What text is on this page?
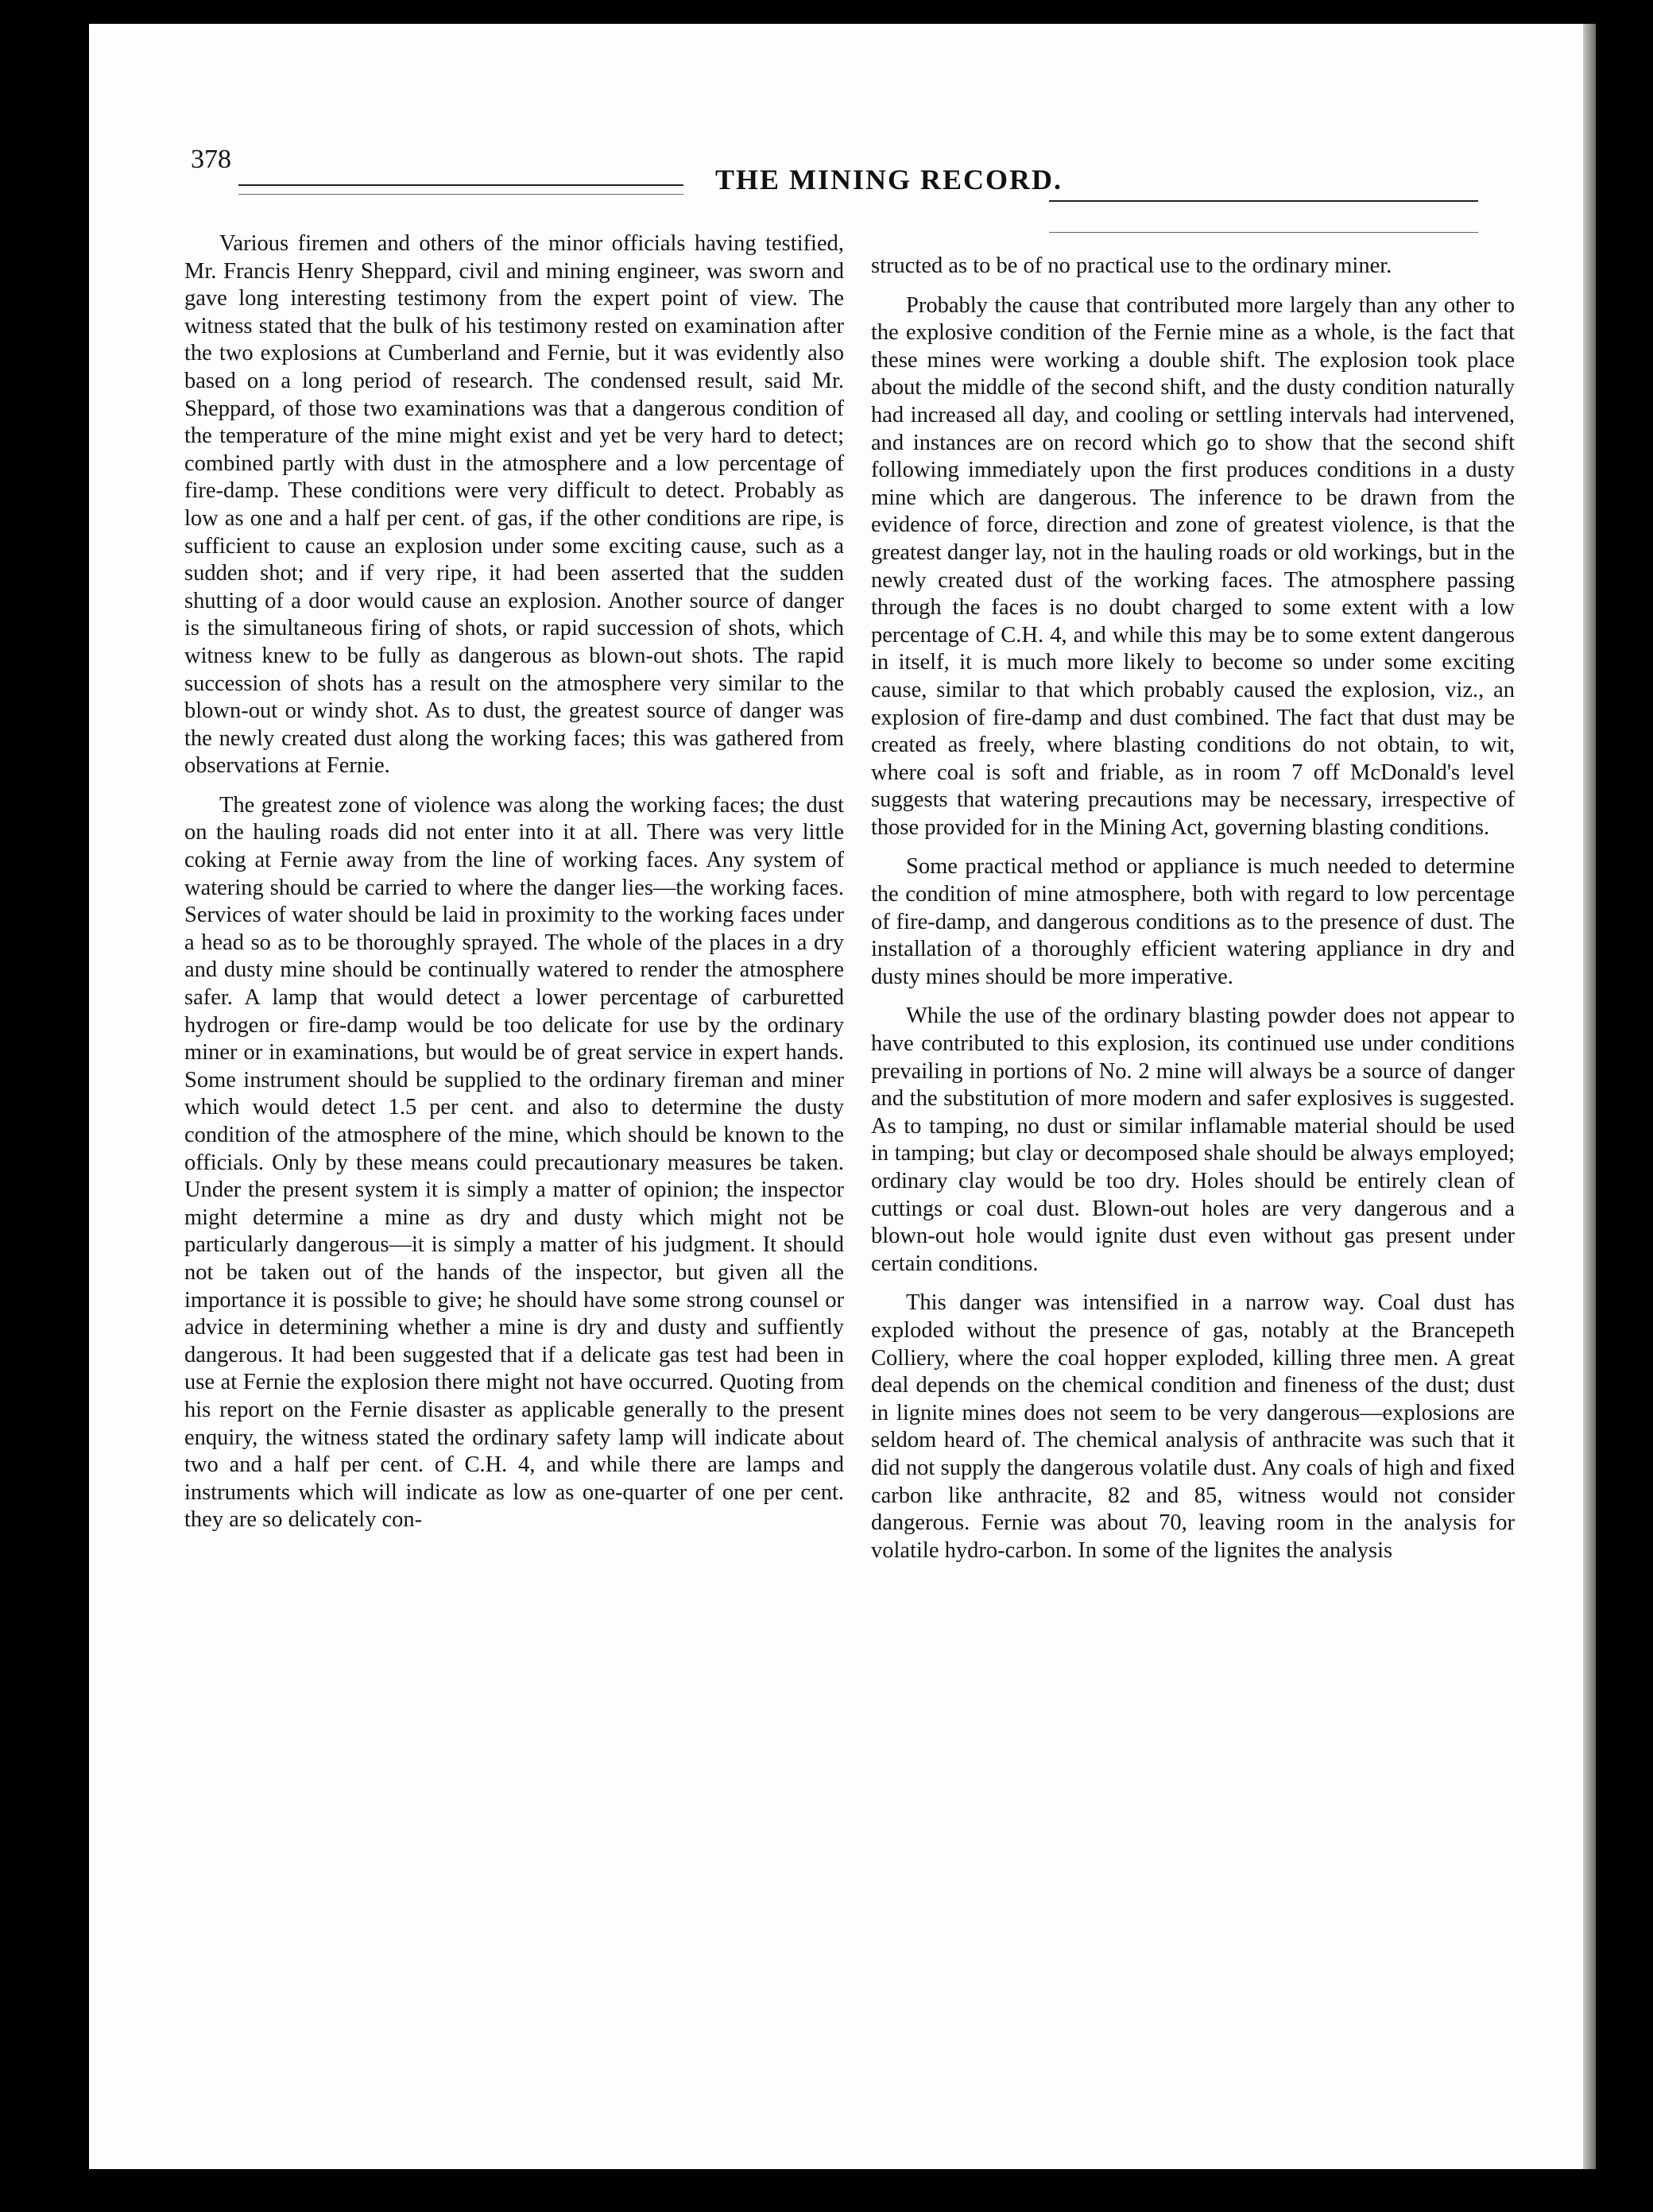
378
THE MINING RECORD.

Various firemen and others of the minor officials having testified, Mr. Francis Henry Sheppard, civil and mining engineer, was sworn and gave long interesting testimony from the expert point of view. The witness stated that the bulk of his testimony rested on examination after the two explosions at Cumberland and Fernie, but it was evidently also based on a long period of research. The condensed result, said Mr. Sheppard, of those two examinations was that a dangerous condition of the temperature of the mine might exist and yet be very hard to detect; combined partly with dust in the atmosphere and a low percentage of fire-damp. These conditions were very difficult to detect. Probably as low as one and a half per cent. of gas, if the other conditions are ripe, is sufficient to cause an explosion under some exciting cause, such as a sudden shot; and if very ripe, it had been asserted that the sudden shutting of a door would cause an explosion. Another source of danger is the simultaneous firing of shots, or rapid succession of shots, which witness knew to be fully as dangerous as blown-out shots. The rapid succession of shots has a result on the atmosphere very similar to the blown-out or windy shot. As to dust, the greatest source of danger was the newly created dust along the working faces; this was gathered from observations at Fernie.

The greatest zone of violence was along the working faces; the dust on the hauling roads did not enter into it at all. There was very little coking at Fernie away from the line of working faces. Any system of watering should be carried to where the danger lies—the working faces. Services of water should be laid in proximity to the working faces under a head so as to be thoroughly sprayed. The whole of the places in a dry and dusty mine should be continually watered to render the atmosphere safer. A lamp that would detect a lower percentage of carburetted hydrogen or fire-damp would be too delicate for use by the ordinary miner or in examinations, but would be of great service in expert hands. Some instrument should be supplied to the ordinary fireman and miner which would detect 1.5 per cent. and also to determine the dusty condition of the atmosphere of the mine, which should be known to the officials. Only by these means could precautionary measures be taken. Under the present system it is simply a matter of opinion; the inspector might determine a mine as dry and dusty which might not be particularly dangerous—it is simply a matter of his judgment. It should not be taken out of the hands of the inspector, but given all the importance it is possible to give; he should have some strong counsel or advice in determining whether a mine is dry and dusty and suffiently dangerous. It had been suggested that if a delicate gas test had been in use at Fernie the explosion there might not have occurred. Quoting from his report on the Fernie disaster as applicable generally to the present enquiry, the witness stated the ordinary safety lamp will indicate about two and a half per cent. of C.H. 4, and while there are lamps and instruments which will indicate as low as one-quarter of one per cent. they are so delicately con-

structed as to be of no practical use to the ordinary miner.

Probably the cause that contributed more largely than any other to the explosive condition of the Fernie mine as a whole, is the fact that these mines were working a double shift. The explosion took place about the middle of the second shift, and the dusty condition naturally had increased all day, and cooling or settling intervals had intervened, and instances are on record which go to show that the second shift following immediately upon the first produces conditions in a dusty mine which are dangerous. The inference to be drawn from the evidence of force, direction and zone of greatest violence, is that the greatest danger lay, not in the hauling roads or old workings, but in the newly created dust of the working faces. The atmosphere passing through the faces is no doubt charged to some extent with a low percentage of C.H. 4, and while this may be to some extent dangerous in itself, it is much more likely to become so under some exciting cause, similar to that which probably caused the explosion, viz., an explosion of fire-damp and dust combined. The fact that dust may be created as freely, where blasting conditions do not obtain, to wit, where coal is soft and friable, as in room 7 off McDonald's level suggests that watering precautions may be necessary, irrespective of those provided for in the Mining Act, governing blasting conditions.

Some practical method or appliance is much needed to determine the condition of mine atmosphere, both with regard to low percentage of fire-damp, and dangerous conditions as to the presence of dust. The installation of a thoroughly efficient watering appliance in dry and dusty mines should be more imperative.

While the use of the ordinary blasting powder does not appear to have contributed to this explosion, its continued use under conditions prevailing in portions of No. 2 mine will always be a source of danger and the substitution of more modern and safer explosives is suggested. As to tamping, no dust or similar inflamable material should be used in tamping; but clay or decomposed shale should be always employed; ordinary clay would be too dry. Holes should be entirely clean of cuttings or coal dust. Blown-out holes are very dangerous and a blown-out hole would ignite dust even without gas present under certain conditions.

This danger was intensified in a narrow way. Coal dust has exploded without the presence of gas, notably at the Brancepeth Colliery, where the coal hopper exploded, killing three men. A great deal depends on the chemical condition and fineness of the dust; dust in lignite mines does not seem to be very dangerous—explosions are seldom heard of. The chemical analysis of anthracite was such that it did not supply the dangerous volatile dust. Any coals of high and fixed carbon like anthracite, 82 and 85, witness would not consider dangerous. Fernie was about 70, leaving room in the analysis for volatile hydro-carbon. In some of the lignites the analysis
